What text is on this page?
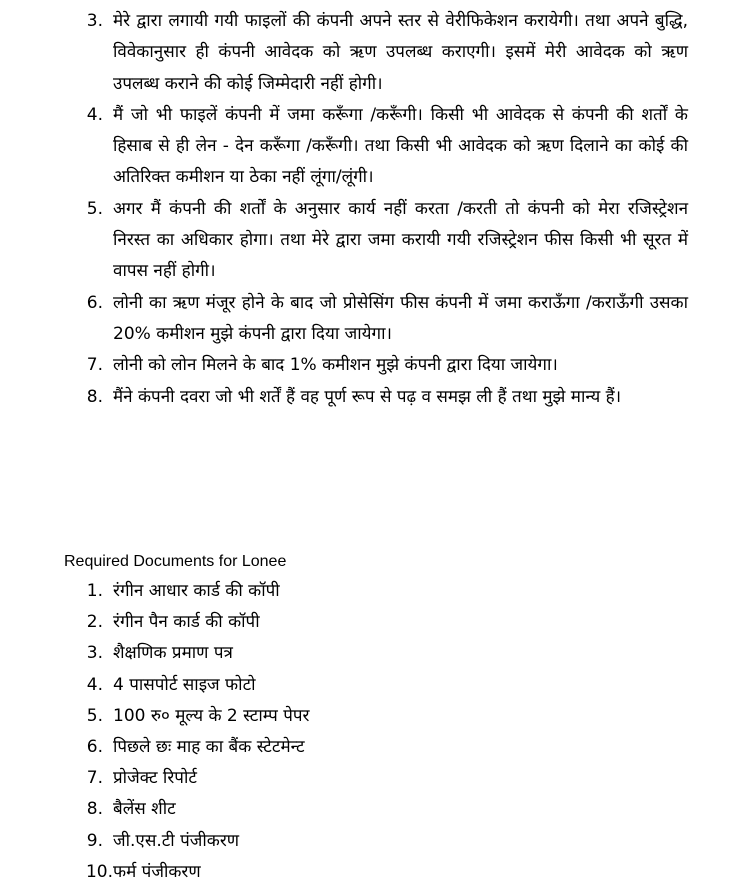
3. मेरे द्वारा लगायी गयी फाइलों की कंपनी अपने स्तर से वेरीफिकेशन करायेगी। तथा अपने बुद्धि, विवेकानुसार ही कंपनी आवेदक को ऋण उपलब्ध कराएगी। इसमें मेरी आवेदक को ऋण उपलब्ध कराने की कोई जिम्मेदारी नहीं होगी।
4. मैं जो भी फाइलें कंपनी में जमा करूँगा /करूँगी। किसी भी आवेदक से कंपनी की शर्तों के हिसाब से ही लेन - देन करूँगा /करूँगी। तथा किसी भी आवेदक को ऋण दिलाने का कोई की अतिरिक्त कमीशन या ठेका नहीं लूंगा/लूंगी।
5. अगर मैं कंपनी की शर्तों के अनुसार कार्य नहीं करता /करती तो कंपनी को मेरा रजिस्ट्रेशन निरस्त का अधिकार होगा। तथा मेरे द्वारा जमा करायी गयी रजिस्ट्रेशन फीस किसी भी सूरत में वापस नहीं होगी।
6. लोनी का ऋण मंजूर होने के बाद जो प्रोसेसिंग फीस कंपनी में जमा कराऊँगा /कराऊँगी उसका 20% कमीशन मुझे कंपनी द्वारा दिया जायेगा।
7. लोनी को लोन मिलने के बाद 1% कमीशन मुझे कंपनी द्वारा दिया जायेगा।
8. मैंने कंपनी दवरा जो भी शर्तें हैं वह पूर्ण रूप से पढ़ व समझ ली हैं तथा मुझे मान्य हैं।
Required Documents for Lonee
1. रंगीन आधार कार्ड की कॉपी
2. रंगीन पैन कार्ड की कॉपी
3. शैक्षणिक प्रमाण पत्र
4. 4 पासपोर्ट साइज फोटो
5. 100 रु० मूल्य के 2 स्टाम्प पेपर
6. पिछले छः माह का बैंक स्टेटमेन्ट
7. प्रोजेक्ट रिपोर्ट
8. बैलेंस शीट
9. जी.एस.टी पंजीकरण
10. फर्म पंजीकरण
